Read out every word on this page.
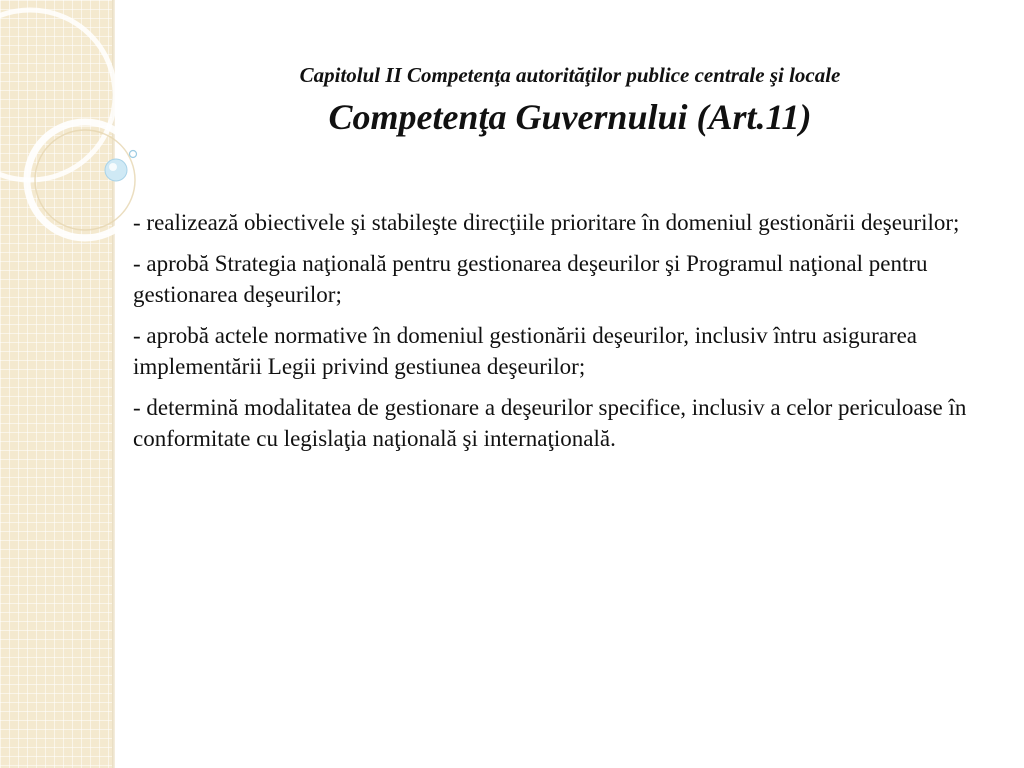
Capitolul II Competenţa autorităţilor publice centrale şi locale
Competenţa Guvernului (Art.11)

- realizează obiectivele şi stabileşte direcţiile prioritare în domeniul gestionării deşeurilor;

- aprobă Strategia naţională pentru gestionarea deşeurilor şi Programul naţional pentru gestionarea deşeurilor;

- aprobă actele normative în domeniul gestionării deşeurilor, inclusiv întru asigurarea implementării Legii privind gestiunea deşeurilor;

- determină modalitatea de gestionare a deşeurilor specifice, inclusiv a celor periculoase în conformitate cu legislaţia naţională şi internaţională.
